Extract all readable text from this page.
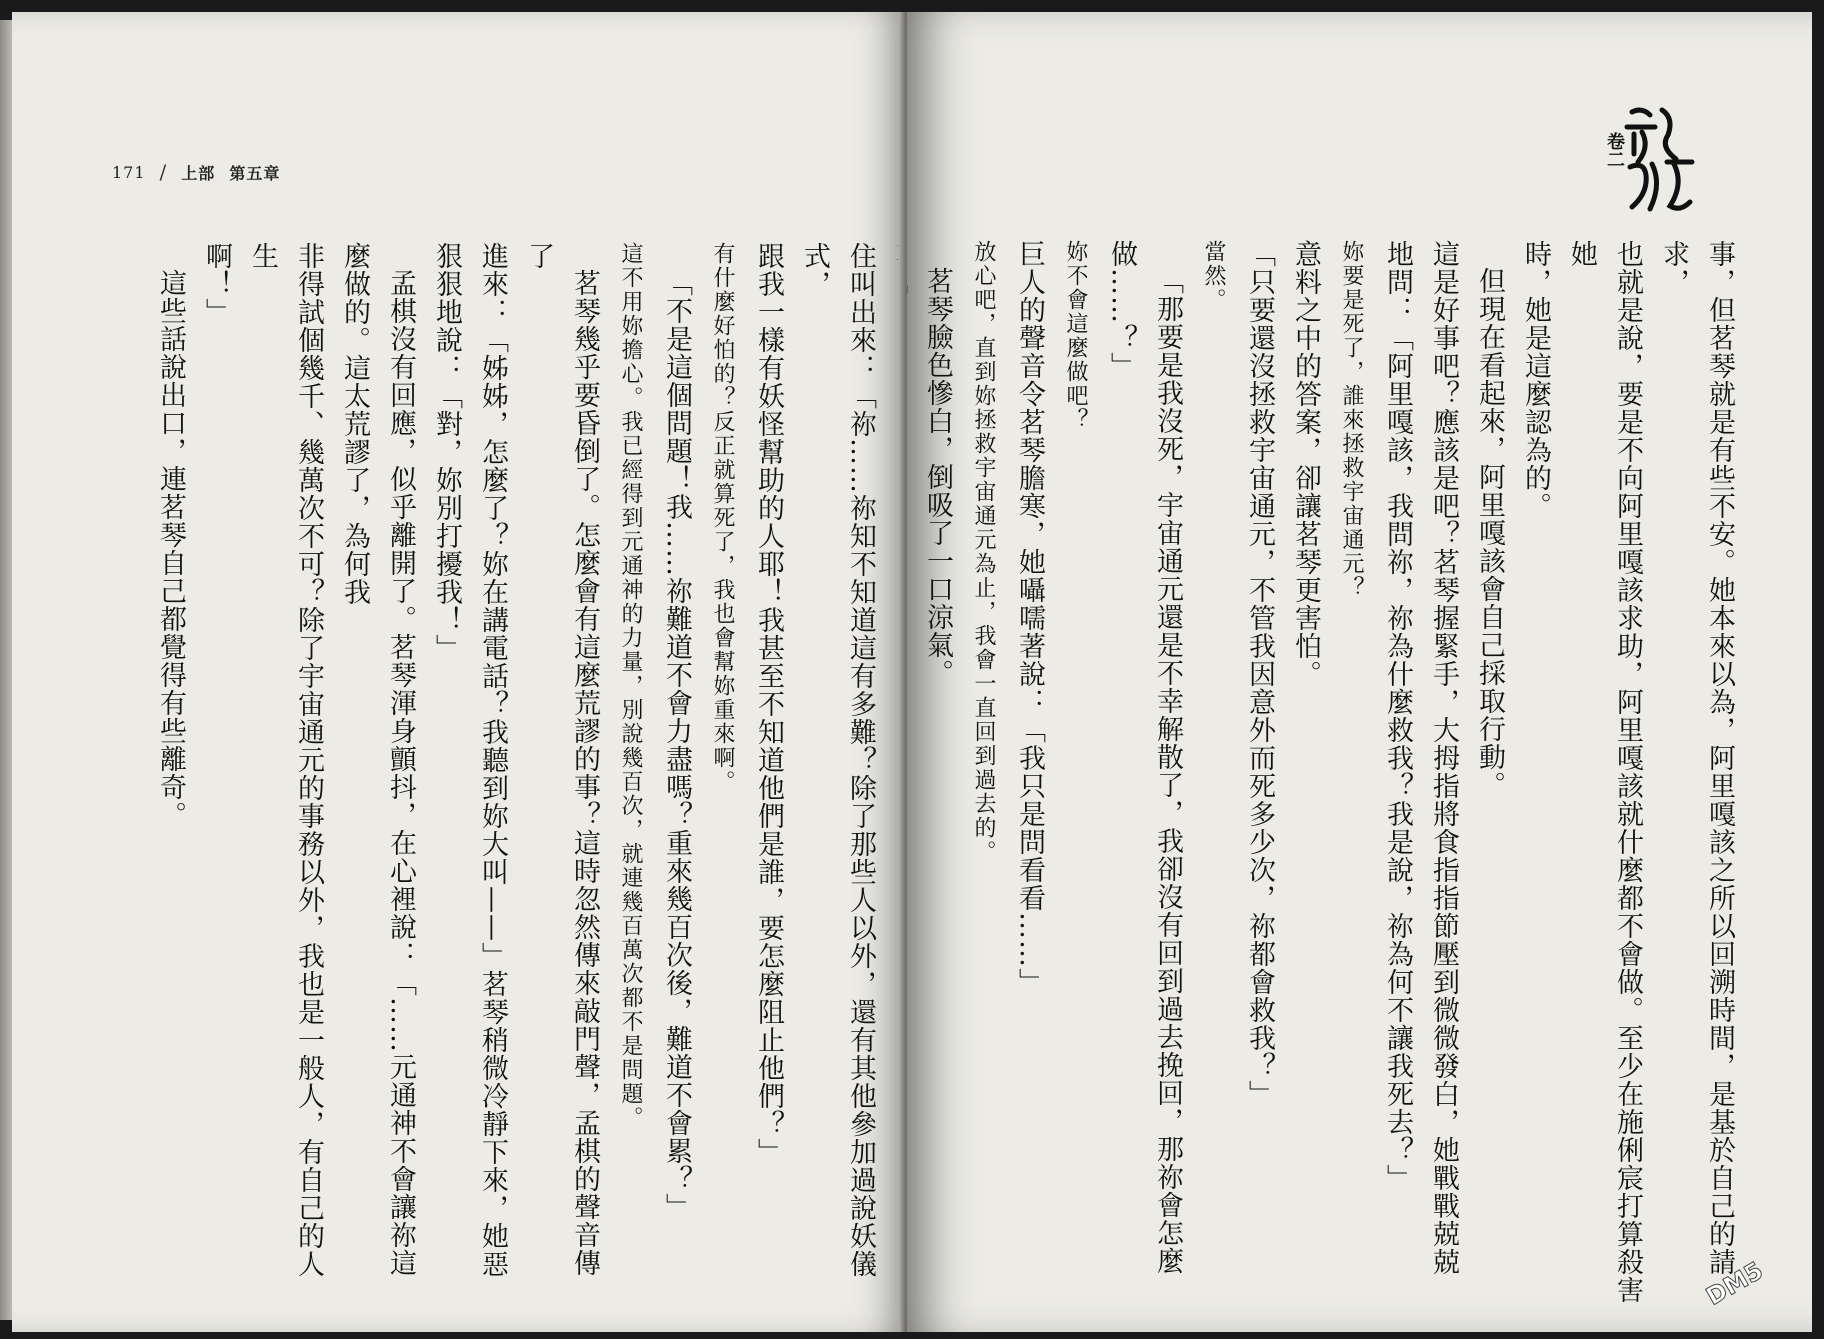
171 / 上部 第五章

住叫出來：「祢……祢知不知道這有多難？除了那些人以外，還有其他參加過說妖儀式，

跟我一樣有妖怪幫助的人耶！我甚至不知道他們是誰，要怎麼阻止他們？」

有什麼好怕的？反正就算死了，我也會幫妳重來啊。

「不是這個問題！我……祢難道不會力盡嗎？重來幾百次後，難道不會累？」

這不用妳擔心。我已經得到元通神的力量，別說幾百次，就連幾百萬次都不是問題。

茗琴幾乎要昏倒了。怎麼會有這麼荒謬的事？這時忽然傳來敲門聲，孟棋的聲音傳了

進來：「姊姊，怎麼了？妳在講電話？我聽到妳大叫——」茗琴稍微冷靜下來，她惡狠狠地說：「對，妳別打擾我！」

孟棋沒有回應，似乎離開了。茗琴渾身顫抖，在心裡說：「……元通神不會讓祢這麼做的。這太荒謬了，為何我

非得試個幾千、幾萬次不可？除了宇宙通元的事務以外，我也是一般人，有自己的人生

啊！」

這些話說出口，連茗琴自己都覺得有些離奇。

卷二

事，但茗琴就是有些不安。她本來以為，阿里嘎該之所以回溯時間，是基於自己的請求，

也就是說，要是不向阿里嘎該求助，阿里嘎該就什麼都不會做。至少在施俐宸打算殺害她

時，她是這麼認為的。

但現在看起來，阿里嘎該會自己採取行動。

這是好事吧？應該是吧？茗琴握緊手，大拇指將食指指節壓到微微發白，她戰戰兢兢

地問：「阿里嘎該，我問祢，祢為什麼救我？我是說，祢為何不讓我死去？」

妳要是死了，誰來拯救宇宙通元？

意料之中的答案，卻讓茗琴更害怕。

「只要還沒拯救宇宙通元，不管我因意外而死多少次，祢都會救我？」

當然。

「那要是我沒死，宇宙通元還是不幸解散了，我卻沒有回到過去挽回，那祢會怎麼

做……？」

妳不會這麼做吧？

巨人的聲音令茗琴膽寒，她囁嚅著說：「我只是問看看……」

放心吧，直到妳拯救宇宙通元為止，我會一直回到過去的。

茗琴臉色慘白，倒吸了一口涼氣。

DM5
